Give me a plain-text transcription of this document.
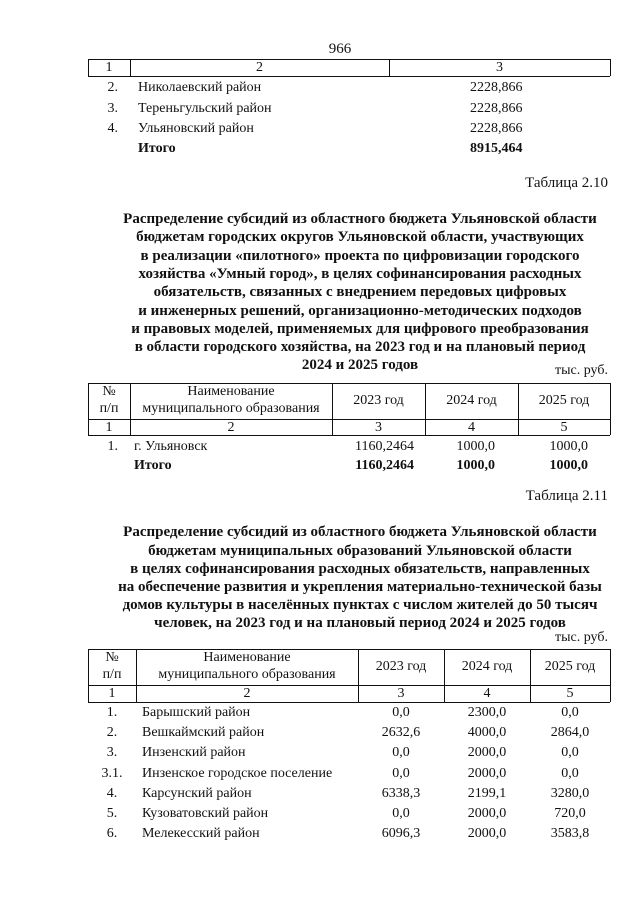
966
1	2	3
2. Николаевский район	2228,866
3. Тереньгульский район	2228,866
4. Ульяновский район	2228,866
Итого	8915,464
Таблица 2.10
Распределение субсидий из областного бюджета Ульяновской области
бюджетам городских округов Ульяновской области, участвующих
в реализации «пилотного» проекта по цифровизации городского
хозяйства «Умный город», в целях софинансирования расходных
обязательств, связанных с внедрением передовых цифровых
и инженерных решений, организационно-методических подходов
и правовых моделей, применяемых для цифрового преобразования
в области городского хозяйства, на 2023 год и на плановый период
2024 и 2025 годов	тыс. руб.
№
п/п
Наименование
муниципального образования
2023 год	2024 год	2025 год
1	2	3	4	5
1. г. Ульяновск	1160,2464	1000,0	1000,0
Итого	1160,2464	1000,0	1000,0
Таблица 2.11
Распределение субсидий из областного бюджета Ульяновской области
бюджетам муниципальных образований Ульяновской области
в целях софинансирования расходных обязательств, направленных
на обеспечение развития и укрепления материально-технической базы
домов культуры в населённых пунктах с числом жителей до 50 тысяч
человек, на 2023 год и на плановый период 2024 и 2025 годов
тыс. руб.
№
п/п
Наименование
муниципального образования
2023 год	2024 год	2025 год
1	2	3	4	5
1.	Барышский район	0,0	2300,0	0,0
2.	Вешкаймский район	2632,6	4000,0	2864,0
3.	Инзенский район	0,0	2000,0	0,0
3.1.	Инзенское городское поселение	0,0	2000,0	0,0
4.	Карсунский район	6338,3	2199,1	3280,0
5.	Кузоватовский район	0,0	2000,0	720,0
6.	Мелекесский район	6096,3	2000,0	3583,8
